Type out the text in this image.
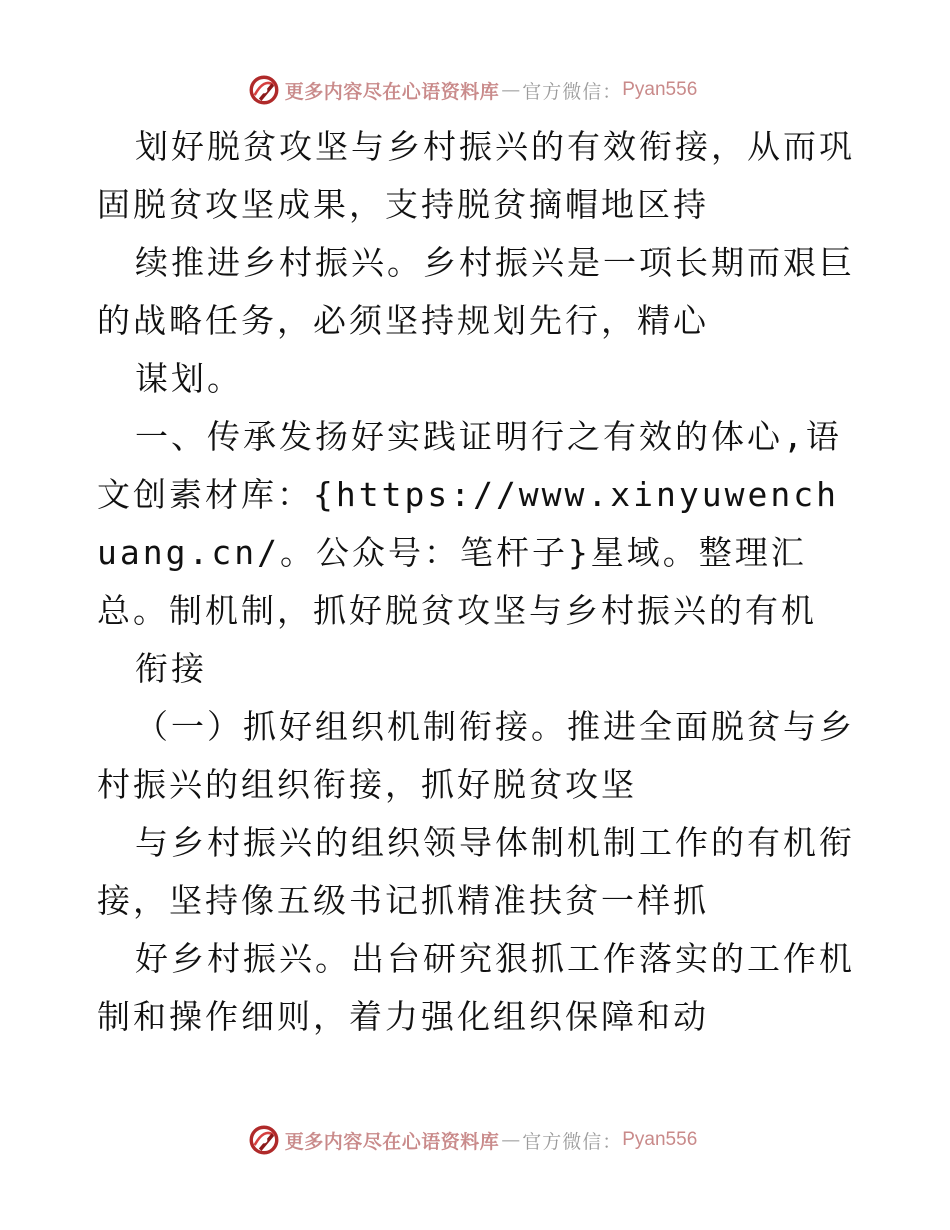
更多内容尽在心语资料库 — 官方微信： Pyan556

划好脱贫攻坚与乡村振兴的有效衔接，从而巩固脱贫攻坚成果，支持脱贫摘帽地区持

续推进乡村振兴。乡村振兴是一项长期而艰巨的战略任务，必须坚持规划先行，精心

谋划。

一、传承发扬好实践证明行之有效的体心,语文创素材库：{https://www.xinyuwenchuang.cn/。公众号：笔杆子}星域。整理汇总。制机制，抓好脱贫攻坚与乡村振兴的有机

衔接

（一）抓好组织机制衔接。推进全面脱贫与乡村振兴的组织衔接，抓好脱贫攻坚

与乡村振兴的组织领导体制机制工作的有机衔接，坚持像五级书记抓精准扶贫一样抓

好乡村振兴。出台研究狠抓工作落实的工作机制和操作细则，着力强化组织保障和动

更多内容尽在心语资料库 — 官方微信： Pyan556
